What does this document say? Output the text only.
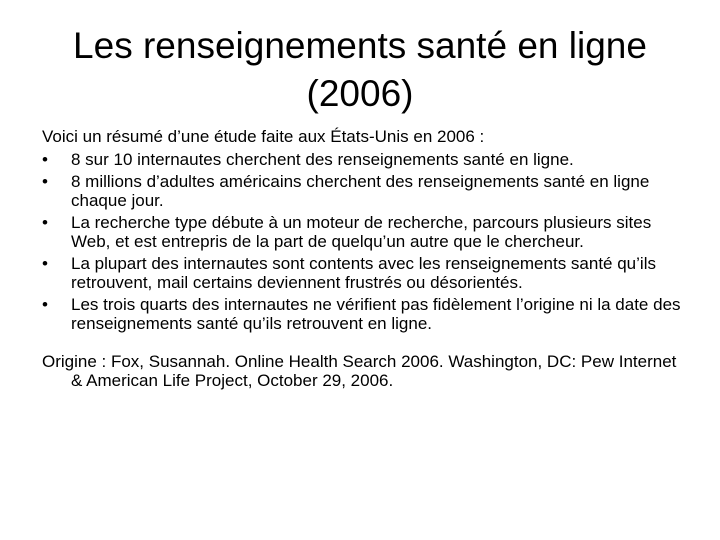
Les renseignements santé en ligne
(2006)

Voici un résumé d’une étude faite aux États-Unis en 2006 :

•	8 sur 10 internautes cherchent des renseignements santé en ligne.
•	8 millions d’adultes américains cherchent des renseignements santé en ligne chaque jour.
•	La recherche type débute à un moteur de recherche, parcours plusieurs sites Web, et est entrepris de la part de quelqu’un autre que le chercheur.
•	La plupart des internautes sont contents avec les renseignements santé qu’ils retrouvent, mail certains deviennent frustrés ou désorientés.
•	Les trois quarts des internautes ne vérifient pas fidèlement l’origine ni la date des renseignements santé qu’ils retrouvent en ligne.

Origine : Fox, Susannah. Online Health Search 2006. Washington, DC: Pew Internet & American Life Project, October 29, 2006.
